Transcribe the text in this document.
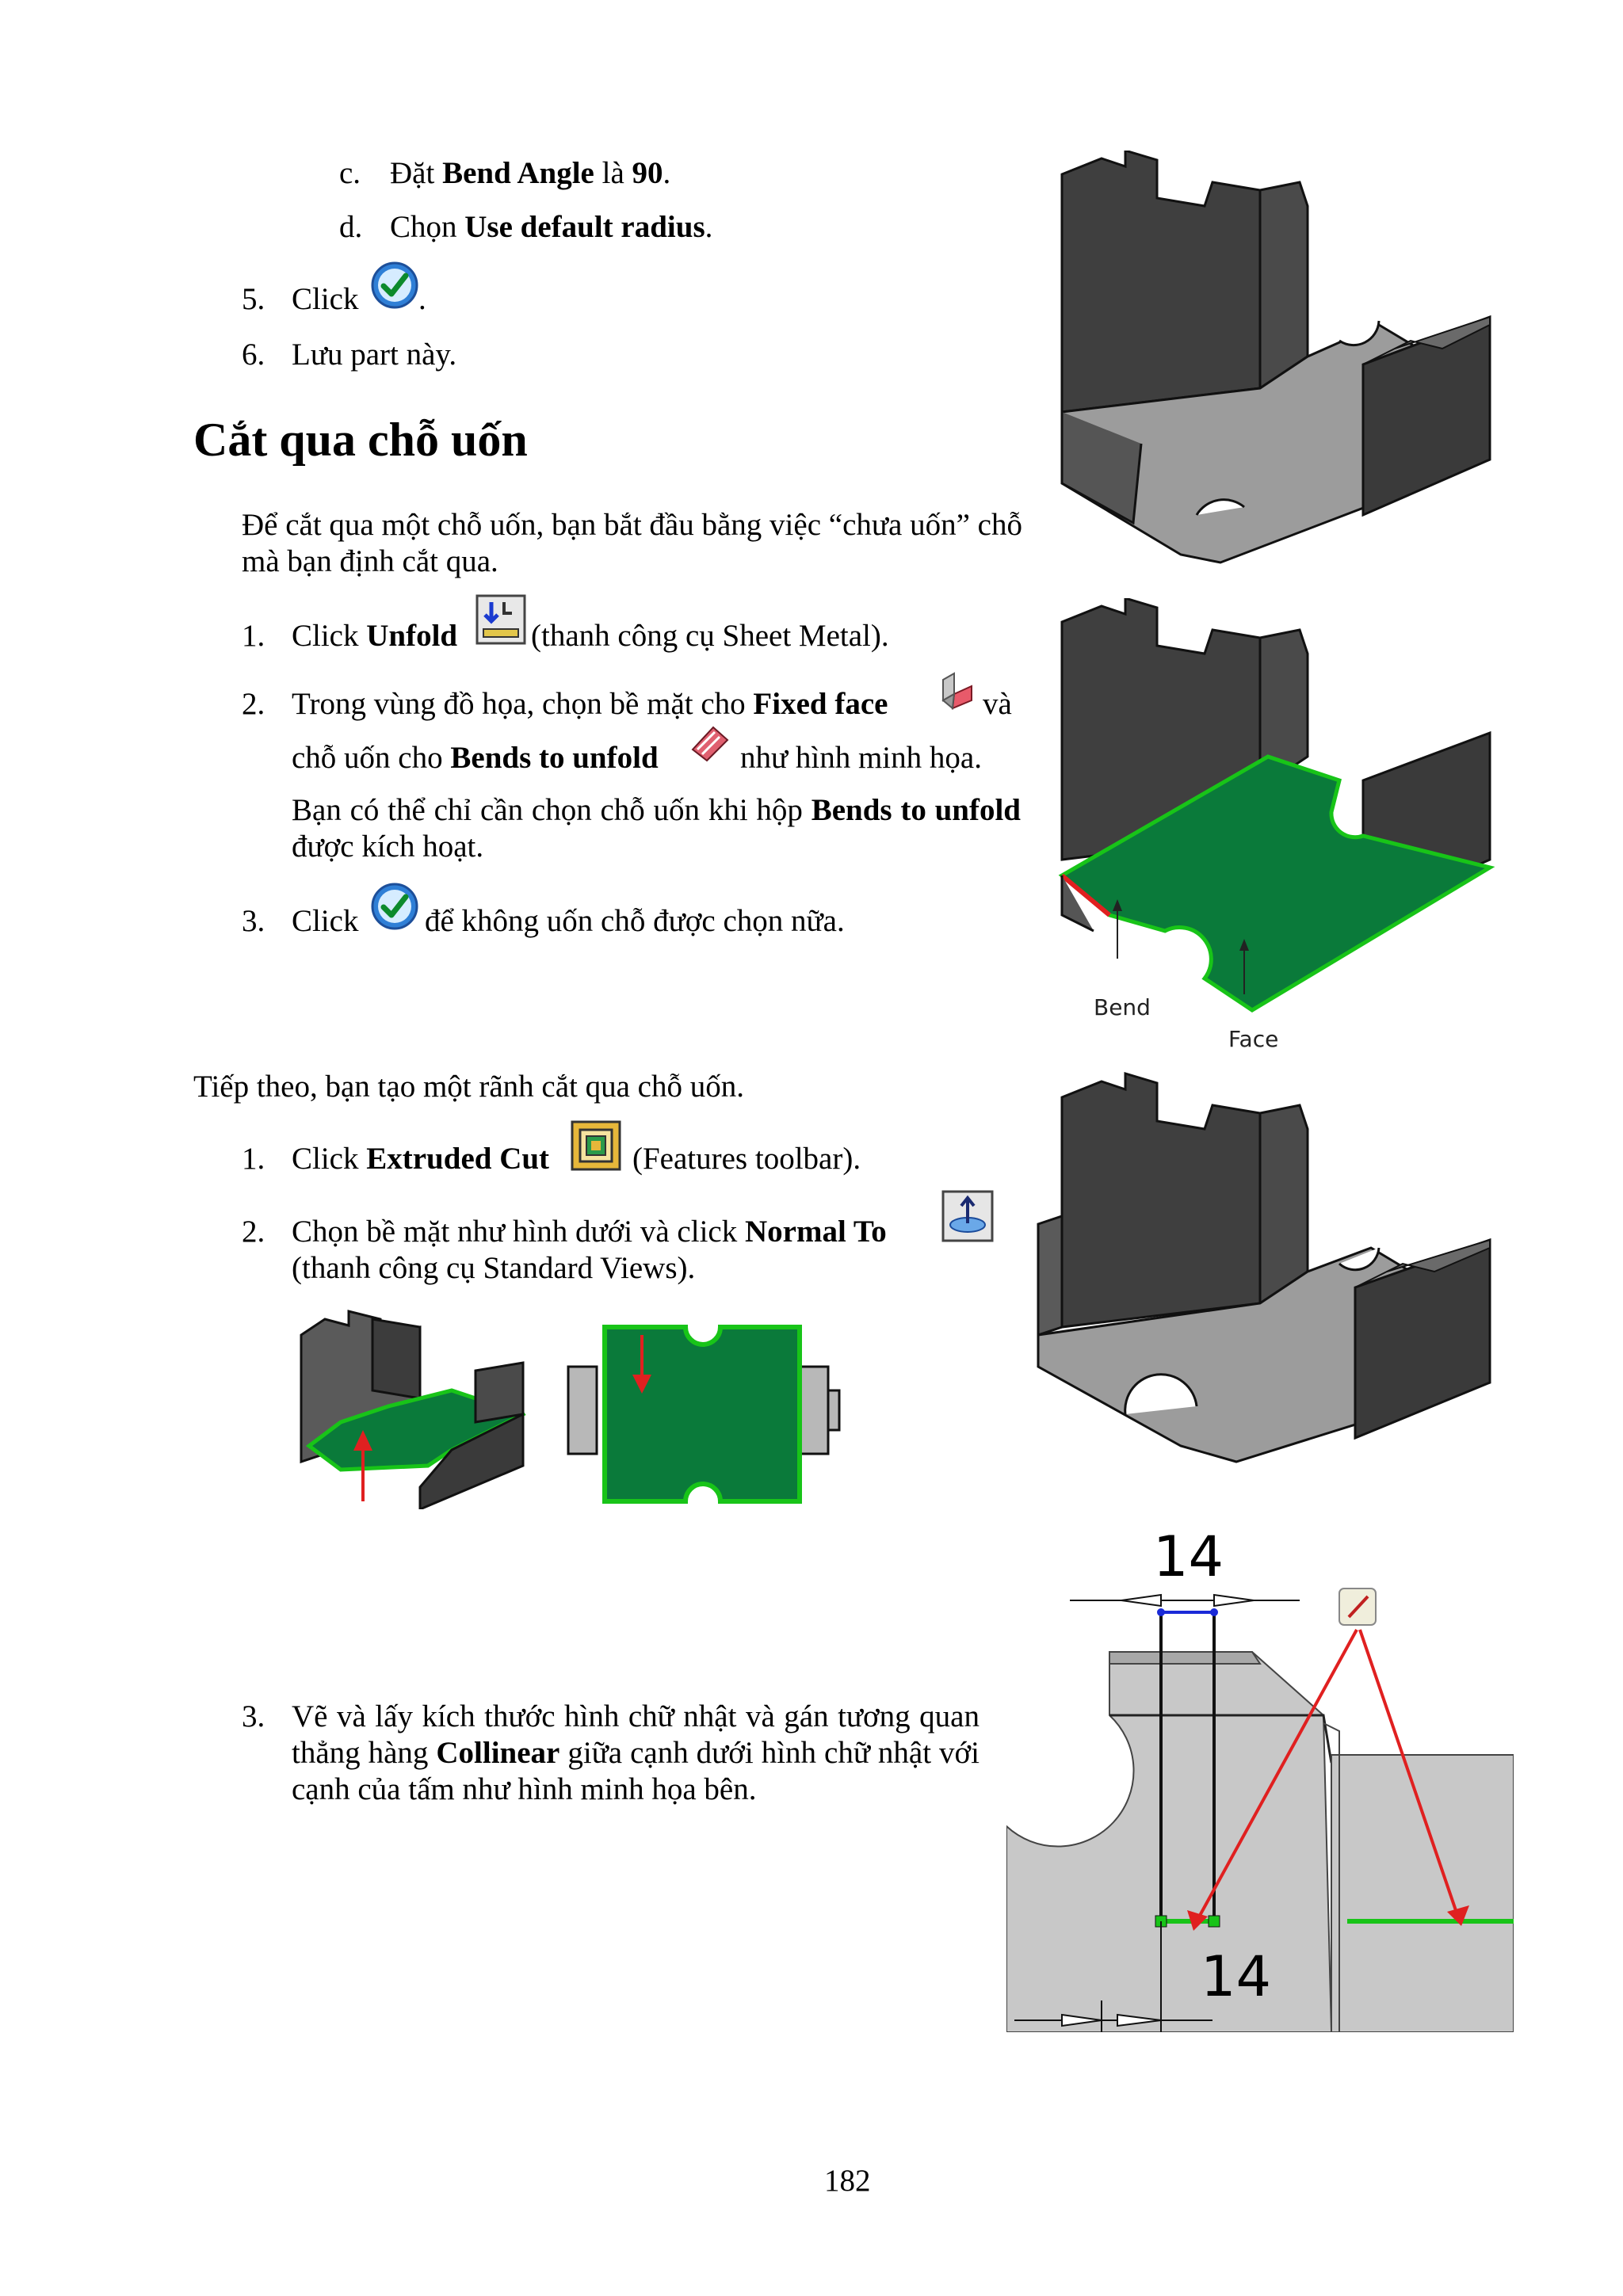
c. Đặt Bend Angle là 90.
d. Chọn Use default radius.
5. Click .
6. Lưu part này.
Cắt qua chỗ uốn
Để cắt qua một chỗ uốn, bạn bắt đầu bằng việc “chưa uốn” chỗ mà bạn định cắt qua.
1. Click Unfold (thanh công cụ Sheet Metal).
2. Trong vùng đồ họa, chọn bề mặt cho Fixed face	và
chỗ uốn cho Bends to unfold	như hình minh họa.
Bạn có thể chỉ cần chọn chỗ uốn khi hộp Bends to unfold được kích hoạt.
3. Click để không uốn chỗ được chọn nữa.
Tiếp theo, bạn tạo một rãnh cắt qua chỗ uốn.
1. Click Extruded Cut	(Features toolbar).
2. Chọn bề mặt như hình dưới và click Normal To
(thanh công cụ Standard Views).
3. Vẽ và lấy kích thước hình chữ nhật và gán tương quan thẳng hàng Collinear giữa cạnh dưới hình chữ nhật với cạnh của tấm như hình minh họa bên.
Bend
Face
14
14
182
